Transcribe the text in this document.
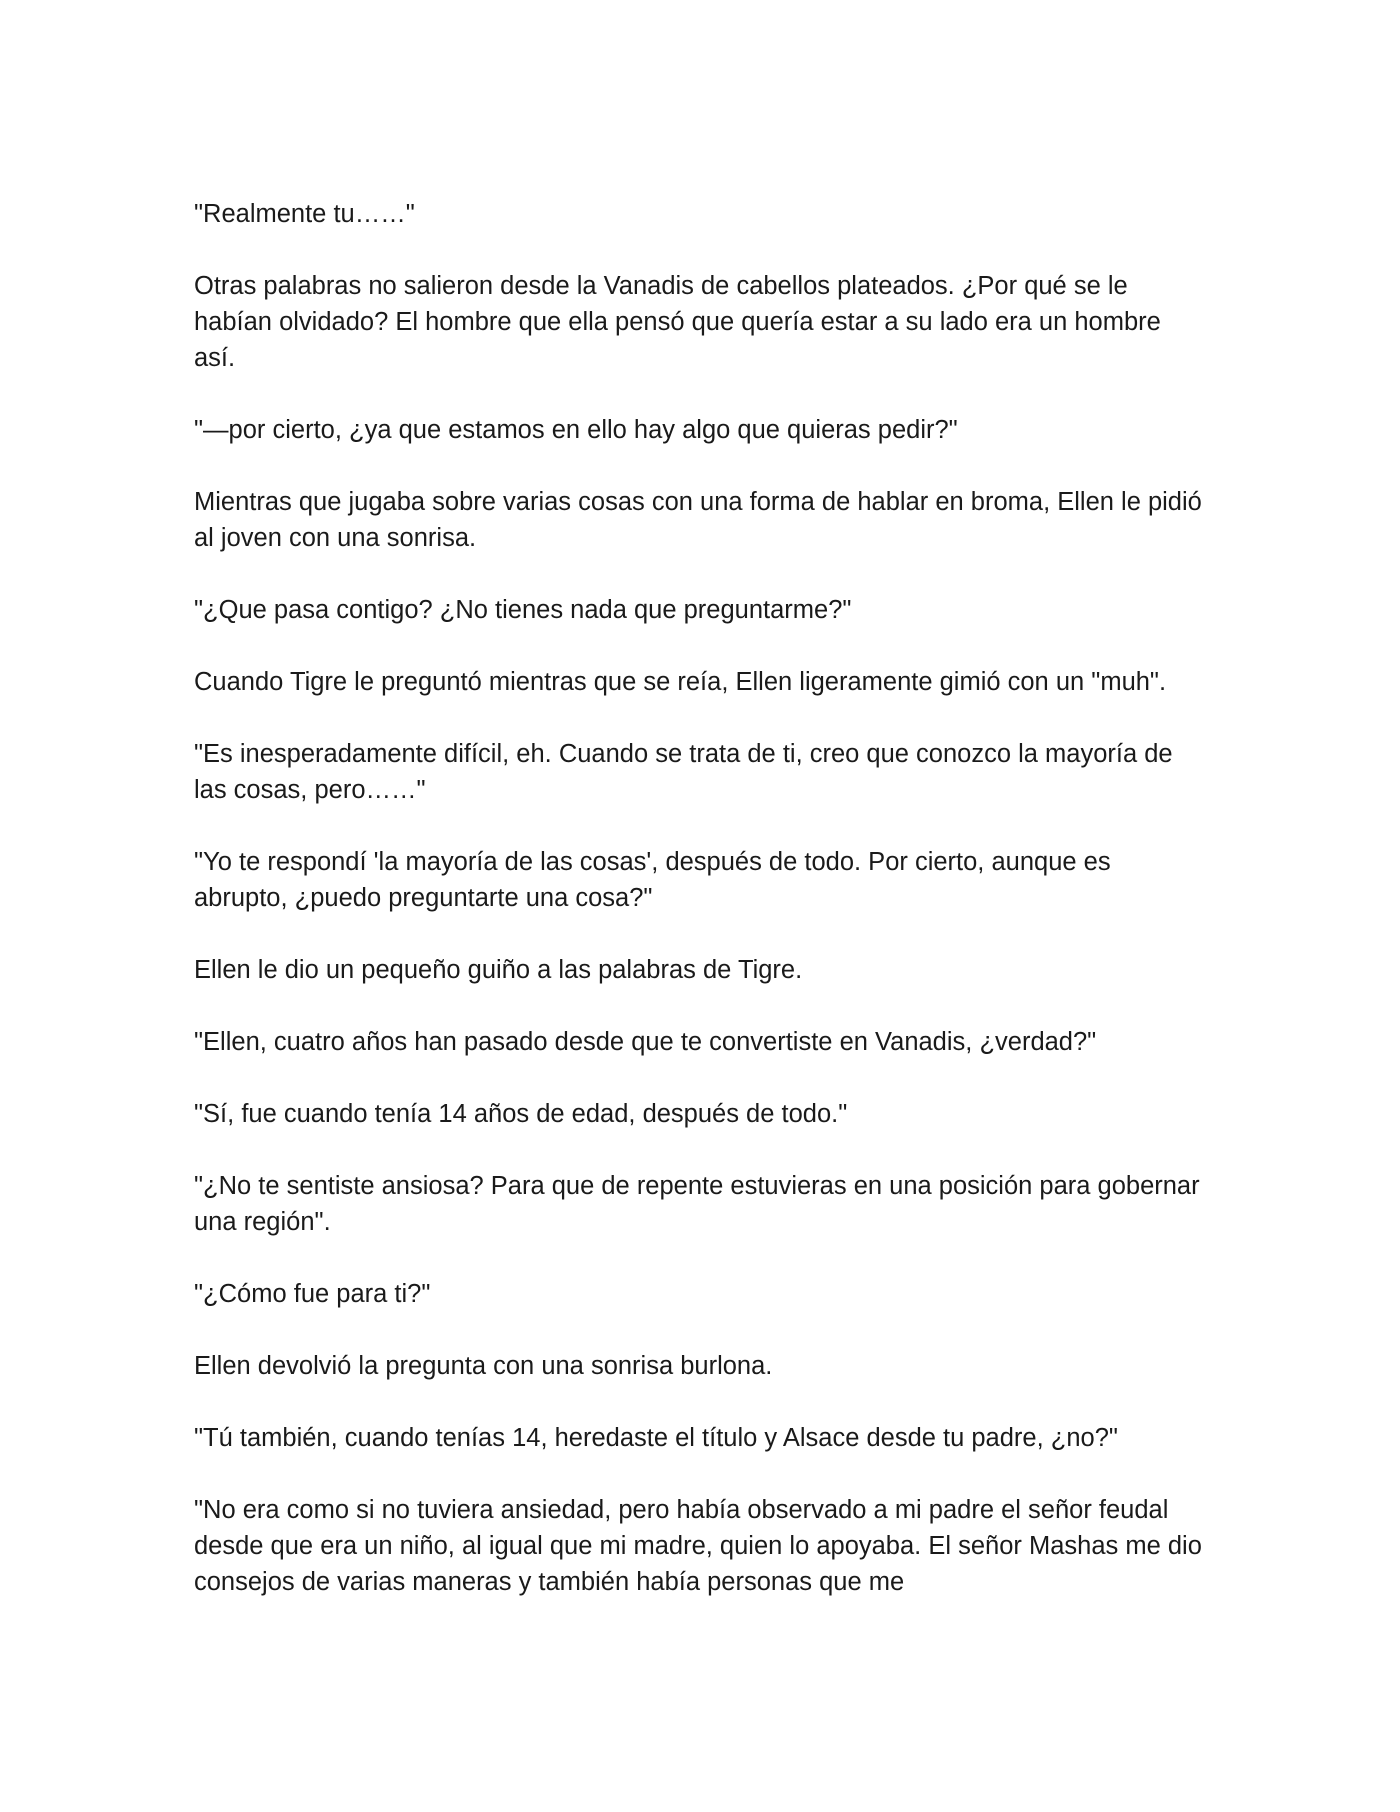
"Realmente tu……"

Otras palabras no salieron desde la Vanadis de cabellos plateados. ¿Por qué se le habían olvidado? El hombre que ella pensó que quería estar a su lado era un hombre así.

"—por cierto, ¿ya que estamos en ello hay algo que quieras pedir?"

Mientras que jugaba sobre varias cosas con una forma de hablar en broma, Ellen le pidió al joven con una sonrisa.

"¿Que pasa contigo? ¿No tienes nada que preguntarme?"

Cuando Tigre le preguntó mientras que se reía, Ellen ligeramente gimió con un "muh".

"Es inesperadamente difícil, eh. Cuando se trata de ti, creo que conozco la mayoría de las cosas, pero……"

"Yo te respondí 'la mayoría de las cosas', después de todo. Por cierto, aunque es abrupto, ¿puedo preguntarte una cosa?"

Ellen le dio un pequeño guiño a las palabras de Tigre.

"Ellen, cuatro años han pasado desde que te convertiste en Vanadis, ¿verdad?"

"Sí, fue cuando tenía 14 años de edad, después de todo."

"¿No te sentiste ansiosa? Para que de repente estuvieras en una posición para gobernar una región".

"¿Cómo fue para ti?"

Ellen devolvió la pregunta con una sonrisa burlona.

"Tú también, cuando tenías 14, heredaste el título y Alsace desde tu padre, ¿no?"

"No era como si no tuviera ansiedad, pero había observado a mi padre el señor feudal desde que era un niño, al igual que mi madre, quien lo apoyaba. El señor Mashas me dio consejos de varias maneras y también había personas que me
